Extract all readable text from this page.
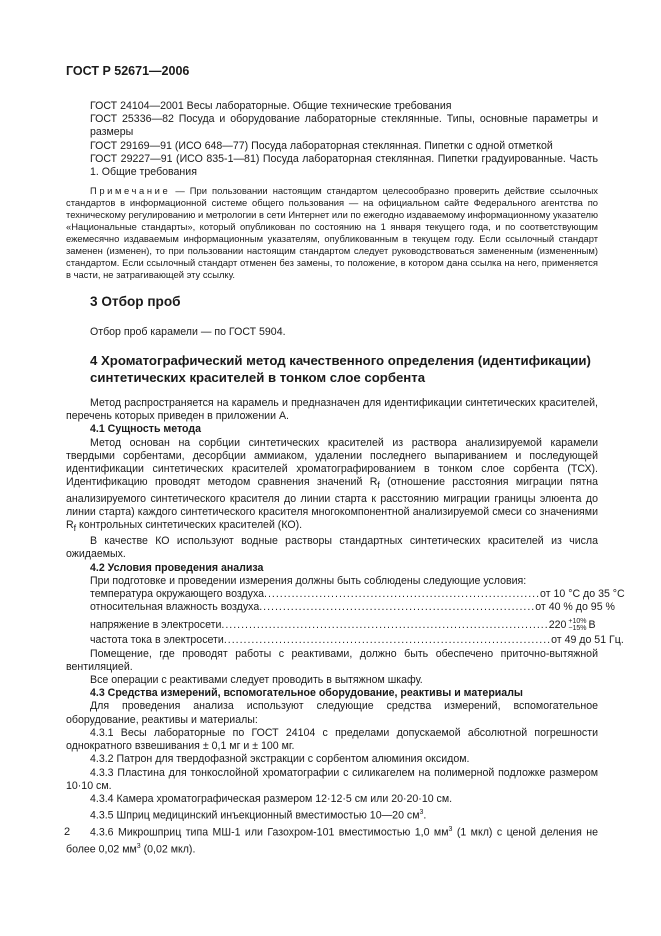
ГОСТ Р 52671—2006

ГОСТ 24104—2001 Весы лабораторные. Общие технические требования

ГОСТ 25336—82 Посуда и оборудование лабораторные стеклянные. Типы, основные параметры и размеры

ГОСТ 29169—91 (ИСО 648—77) Посуда лабораторная стеклянная. Пипетки с одной отметкой

ГОСТ 29227—91 (ИСО 835-1—81) Посуда лабораторная стеклянная. Пипетки градуированные. Часть 1. Общие требования

Примечание — При пользовании настоящим стандартом целесообразно проверить действие ссылочных стандартов в информационной системе общего пользования — на официальном сайте Федерального агентства по техническому регулированию и метрологии в сети Интернет или по ежегодно издаваемому информационному указателю «Национальные стандарты», который опубликован по состоянию на 1 января текущего года, и по соответствующим ежемесячно издаваемым информационным указателям, опубликованным в текущем году. Если ссылочный стандарт заменен (изменен), то при пользовании настоящим стандартом следует руководствоваться замененным (измененным) стандартом. Если ссылочный стандарт отменен без замены, то положение, в котором дана ссылка на него, применяется в части, не затрагивающей эту ссылку.
3 Отбор проб
Отбор проб карамели — по ГОСТ 5904.
4 Хроматографический метод качественного определения (идентификации)
синтетических красителей в тонком слое сорбента

Метод распространяется на карамель и предназначен для идентификации синтетических красителей, перечень которых приведен в приложении А.

4.1 Сущность метода

Метод основан на сорбции синтетических красителей из раствора анализируемой карамели твердыми сорбентами, десорбции аммиаком, удалении последнего выпариванием и последующей идентификации синтетических красителей хроматографированием в тонком слое сорбента (ТСХ). Идентификацию проводят методом сравнения значений $R_f$ (отношение расстояния миграции пятна анализируемого синтетического красителя до линии старта к расстоянию миграции границы элюента до линии старта) каждого синтетического красителя многокомпонентной анализируемой смеси со значениями $R_f$ контрольных синтетических красителей (КО).

В качестве КО используют водные растворы стандартных синтетических красителей из числа ожидаемых.

4.2 Условия проведения анализа

При подготовке и проведении измерения должны быть соблюдены следующие условия:

температура окружающего воздуха ...................................................................... от 10 °С до 35 °С
относительная влажность воздуха ...................................................................... от 40 % до 95 %
напряжение в электросети ................................................................................... 220 +10%
−15% В
частота тока в электросети ................................................................................... от 49 до 51 Гц.

Помещение, где проводят работы с реактивами, должно быть обеспечено приточно-вытяжной вентиляцией.

Все операции с реактивами следует проводить в вытяжном шкафу.

4.3 Средства измерений, вспомогательное оборудование, реактивы и материалы

Для проведения анализа используют следующие средства измерений, вспомогательное оборудование, реактивы и материалы:

4.3.1 Весы лабораторные по ГОСТ 24104 с пределами допускаемой абсолютной погрешности однократного взвешивания ± 0,1 мг и ± 100 мг.

4.3.2 Патрон для твердофазной экстракции с сорбентом алюминия оксидом.

4.3.3 Пластина для тонкослойной хроматографии с силикагелем на полимерной подложке размером 10·10 см.

4.3.4 Камера хроматографическая размером 12·12·5 см или 20·20·10 см.

4.3.5 Шприц медицинский инъекционный вместимостью 10—20 $см^3$.

4.3.6 Микрошприц типа МШ-1 или Газохром-101 вместимостью 1,0 $мм^3$ (1 мкл) с ценой деления не более 0,02 $мм^3$ (0,02 мкл).

2
